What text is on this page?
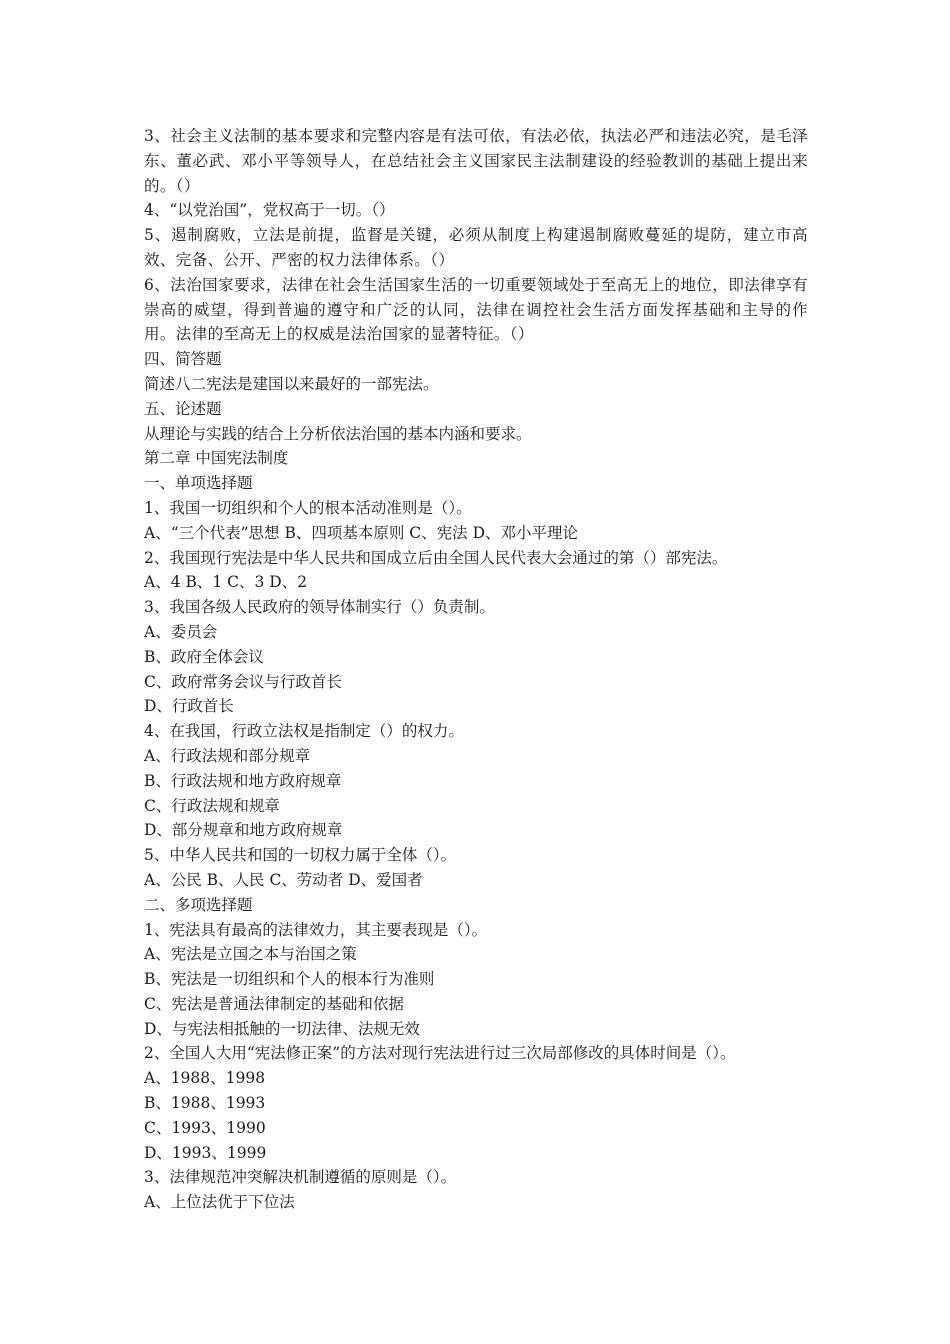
3、社会主义法制的基本要求和完整内容是有法可依，有法必依，执法必严和违法必究，是毛泽东、董必武、邓小平等领导人，在总结社会主义国家民主法制建设的经验教训的基础上提出来的。（）

4、“以党治国”，党权高于一切。（）

5、遏制腐败，立法是前提，监督是关键，必须从制度上构建遏制腐败蔓延的堤防，建立市高效、完备、公开、严密的权力法律体系。（）

6、法治国家要求，法律在社会生活国家生活的一切重要领域处于至高无上的地位，即法律享有崇高的威望，得到普遍的遵守和广泛的认同，法律在调控社会生活方面发挥基础和主导的作用。法律的至高无上的权威是法治国家的显著特征。（）

四、简答题

简述八二宪法是建国以来最好的一部宪法。

五、论述题

从理论与实践的结合上分析依法治国的基本内涵和要求。

第二章 中国宪法制度

一、单项选择题

1、我国一切组织和个人的根本活动准则是（）。

A、“三个代表”思想 B、四项基本原则 C、宪法 D、邓小平理论

2、我国现行宪法是中华人民共和国成立后由全国人民代表大会通过的第（）部宪法。

A、4 B、1 C、3 D、2

3、我国各级人民政府的领导体制实行（）负责制。

A、委员会

B、政府全体会议

C、政府常务会议与行政首长

D、行政首长

4、在我国，行政立法权是指制定（）的权力。

A、行政法规和部分规章

B、行政法规和地方政府规章

C、行政法规和规章

D、部分规章和地方政府规章

5、中华人民共和国的一切权力属于全体（）。

A、公民 B、人民 C、劳动者 D、爱国者

二、多项选择题

1、宪法具有最高的法律效力，其主要表现是（）。

A、宪法是立国之本与治国之策

B、宪法是一切组织和个人的根本行为准则

C、宪法是普通法律制定的基础和依据

D、与宪法相抵触的一切法律、法规无效

2、全国人大用“宪法修正案”的方法对现行宪法进行过三次局部修改的具体时间是（）。

A、1988、1998

B、1988、1993

C、1993、1990

D、1993、1999

3、法律规范冲突解决机制遵循的原则是（）。

A、上位法优于下位法
